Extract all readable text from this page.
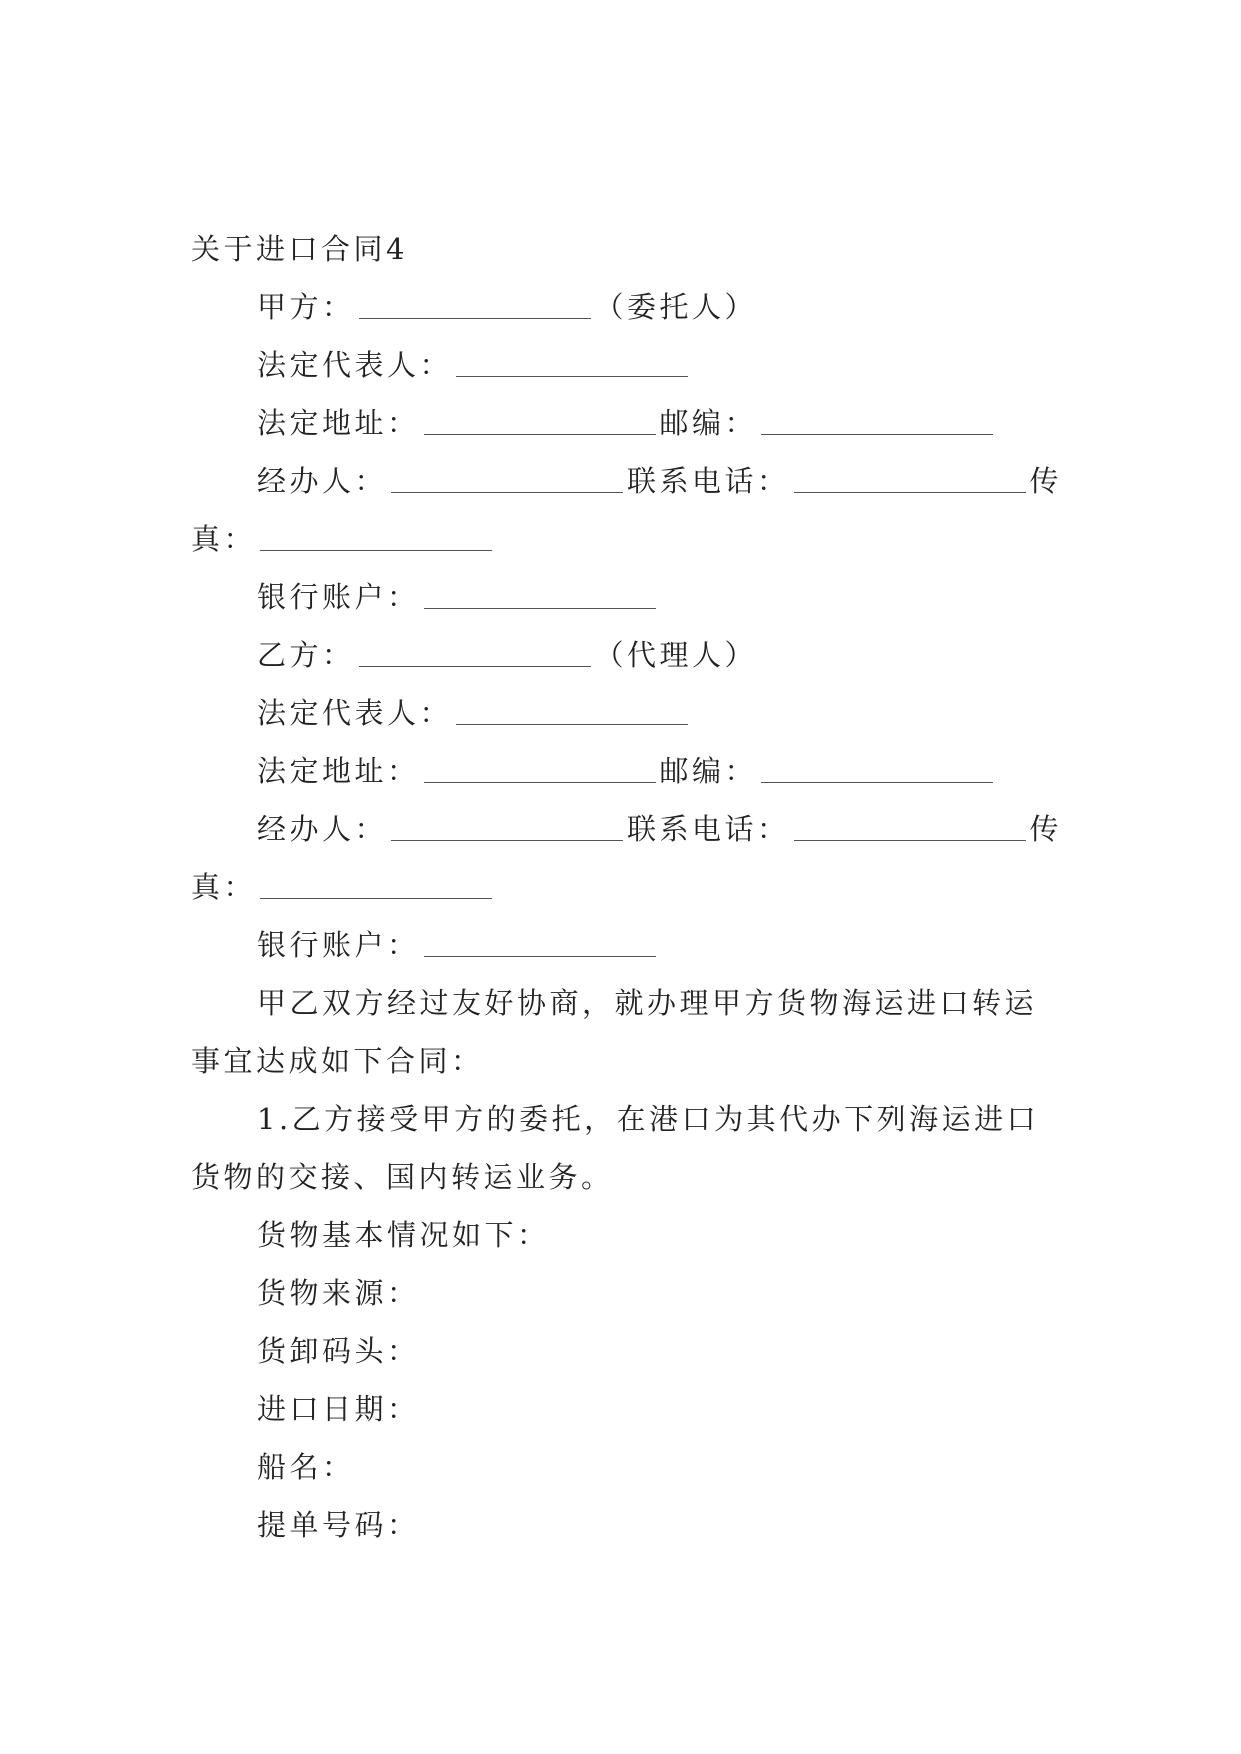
关于进口合同4
甲方：	（委托人）
法定代表人：
法定地址：	邮编：
经办人：	联系电话：	传
真：
银行账户：
乙方：	（代理人）
法定代表人：
法定地址：	邮编：
经办人：	联系电话：	传
真：
银行账户：
甲乙双方经过友好协商，就办理甲方货物海运进口转运
事宜达成如下合同：
1.乙方接受甲方的委托，在港口为其代办下列海运进口
货物的交接、国内转运业务。
货物基本情况如下：
货物来源：
货卸码头：
进口日期：
船名：
提单号码：
